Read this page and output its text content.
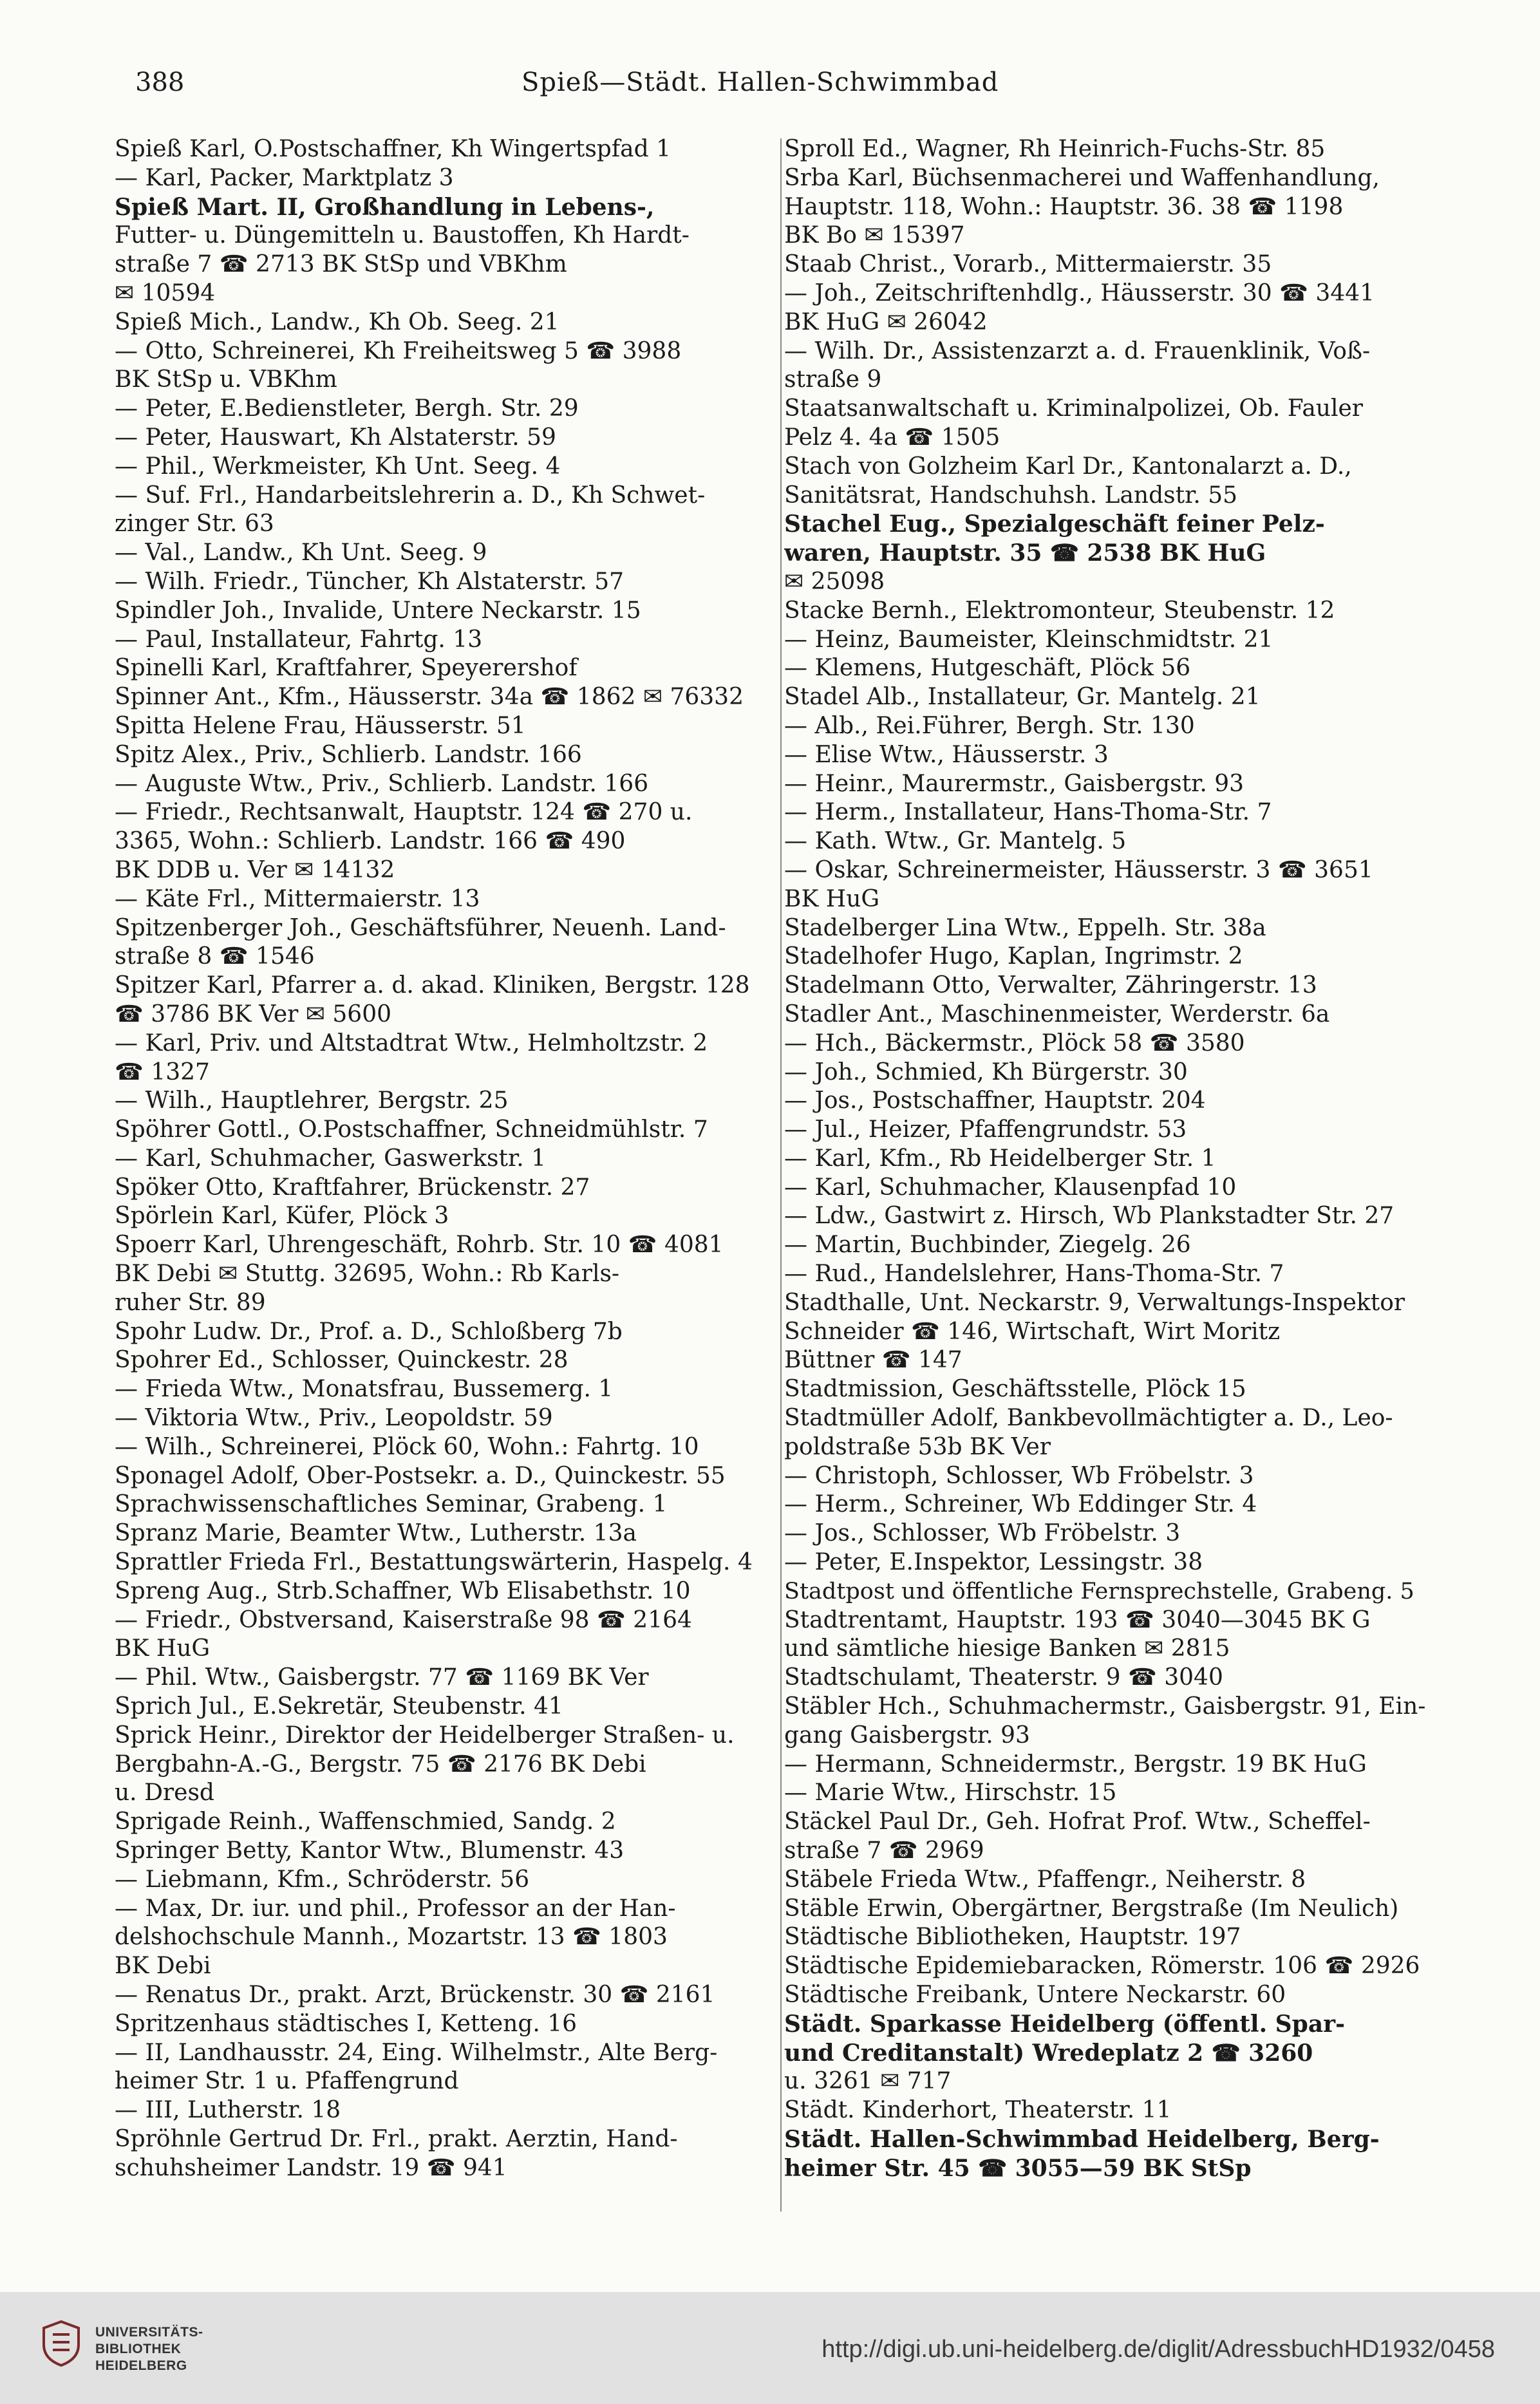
388	Spieß—Städt. Hallen-Schwimmbad
Spieß Karl, O.Postschaffner, Kh Wingertspfad 1
— Karl, Packer, Marktplatz 3
Spieß Mart. II, Großhandlung in Lebens-,
Futter- u. Düngemitteln u. Baustoffen, Kh Hardt-
straße 7 ☎ 2713 BK StSp und VBKhm
✉ 10594
Spieß Mich., Landw., Kh Ob. Seeg. 21
— Otto, Schreinerei, Kh Freiheitsweg 5 ☎ 3988
BK StSp u. VBKhm
— Peter, E.Bedienstleter, Bergh. Str. 29
— Peter, Hauswart, Kh Alstaterstr. 59
— Phil., Werkmeister, Kh Unt. Seeg. 4
— Suf. Frl., Handarbeitslehrerin a. D., Kh Schwet-
zinger Str. 63
— Val., Landw., Kh Unt. Seeg. 9
— Wilh. Friedr., Tüncher, Kh Alstaterstr. 57
Spindler Joh., Invalide, Untere Neckarstr. 15
— Paul, Installateur, Fahrtg. 13
Spinelli Karl, Kraftfahrer, Speyerershof
Spinner Ant., Kfm., Häusserstr. 34a ☎ 1862 ✉ 76332
Spitta Helene Frau, Häusserstr. 51
Spitz Alex., Priv., Schlierb. Landstr. 166
— Auguste Wtw., Priv., Schlierb. Landstr. 166
— Friedr., Rechtsanwalt, Hauptstr. 124 ☎ 270 u.
3365, Wohn.: Schlierb. Landstr. 166 ☎ 490
BK DDB u. Ver ✉ 14132
— Käte Frl., Mittermaierstr. 13
Spitzenberger Joh., Geschäftsführer, Neuenh. Land-
straße 8 ☎ 1546
Spitzer Karl, Pfarrer a. d. akad. Kliniken, Bergstr. 128
☎ 3786 BK Ver ✉ 5600
— Karl, Priv. und Altstadtrat Wtw., Helmholtzstr. 2
☎ 1327
— Wilh., Hauptlehrer, Bergstr. 25
Spöhrer Gottl., O.Postschaffner, Schneidmühlstr. 7
— Karl, Schuhmacher, Gaswerkstr. 1
Spöker Otto, Kraftfahrer, Brückenstr. 27
Spörlein Karl, Küfer, Plöck 3
Spoerr Karl, Uhrengeschäft, Rohrb. Str. 10 ☎ 4081
BK Debi ✉ Stuttg. 32695, Wohn.: Rb Karls-
ruher Str. 89
Spohr Ludw. Dr., Prof. a. D., Schloßberg 7b
Spohrer Ed., Schlosser, Quinckestr. 28
— Frieda Wtw., Monatsfrau, Bussemerg. 1
— Viktoria Wtw., Priv., Leopoldstr. 59
— Wilh., Schreinerei, Plöck 60, Wohn.: Fahrtg. 10
Sponagel Adolf, Ober-Postsekr. a. D., Quinckestr. 55
Sprachwissenschaftliches Seminar, Grabeng. 1
Spranz Marie, Beamter Wtw., Lutherstr. 13a
Sprattler Frieda Frl., Bestattungswärterin, Haspelg. 4
Spreng Aug., Strb.Schaffner, Wb Elisabethstr. 10
— Friedr., Obstversand, Kaiserstraße 98 ☎ 2164
BK HuG
— Phil. Wtw., Gaisbergstr. 77 ☎ 1169 BK Ver
Sprich Jul., E.Sekretär, Steubenstr. 41
Sprick Heinr., Direktor der Heidelberger Straßen- u.
Bergbahn-A.-G., Bergstr. 75 ☎ 2176 BK Debi
u. Dresd
Sprigade Reinh., Waffenschmied, Sandg. 2
Springer Betty, Kantor Wtw., Blumenstr. 43
— Liebmann, Kfm., Schröderstr. 56
— Max, Dr. iur. und phil., Professor an der Han-
delshochschule Mannh., Mozartstr. 13 ☎ 1803
BK Debi
— Renatus Dr., prakt. Arzt, Brückenstr. 30 ☎ 2161
Spritzenhaus städtisches I, Ketteng. 16
— II, Landhausstr. 24, Eing. Wilhelmstr., Alte Berg-
heimer Str. 1 u. Pfaffengrund
— III, Lutherstr. 18
Spröhnle Gertrud Dr. Frl., prakt. Aerztin, Hand-
schuhsheimer Landstr. 19 ☎ 941
Sproll Ed., Wagner, Rh Heinrich-Fuchs-Str. 85
Srba Karl, Büchsenmacherei und Waffenhandlung,
Hauptstr. 118, Wohn.: Hauptstr. 36. 38 ☎ 1198
BK Bo ✉ 15397
Staab Christ., Vorarb., Mittermaierstr. 35
— Joh., Zeitschriftenhdlg., Häusserstr. 30 ☎ 3441
BK HuG ✉ 26042
— Wilh. Dr., Assistenzarzt a. d. Frauenklinik, Voß-
straße 9
Staatsanwaltschaft u. Kriminalpolizei, Ob. Fauler
Pelz 4. 4a ☎ 1505
Stach von Golzheim Karl Dr., Kantonalarzt a. D.,
Sanitätsrat, Handschuhsh. Landstr. 55
Stachel Eug., Spezialgeschäft feiner Pelz-
waren, Hauptstr. 35 ☎ 2538 BK HuG
✉ 25098
Stacke Bernh., Elektromonteur, Steubenstr. 12
— Heinz, Baumeister, Kleinschmidtstr. 21
— Klemens, Hutgeschäft, Plöck 56
Stadel Alb., Installateur, Gr. Mantelg. 21
— Alb., Rei.Führer, Bergh. Str. 130
— Elise Wtw., Häusserstr. 3
— Heinr., Maurermstr., Gaisbergstr. 93
— Herm., Installateur, Hans-Thoma-Str. 7
— Kath. Wtw., Gr. Mantelg. 5
— Oskar, Schreinermeister, Häusserstr. 3 ☎ 3651
BK HuG
Stadelberger Lina Wtw., Eppelh. Str. 38a
Stadelhofer Hugo, Kaplan, Ingrimstr. 2
Stadelmann Otto, Verwalter, Zähringerstr. 13
Stadler Ant., Maschinenmeister, Werderstr. 6a
— Hch., Bäckermstr., Plöck 58 ☎ 3580
— Joh., Schmied, Kh Bürgerstr. 30
— Jos., Postschaffner, Hauptstr. 204
— Jul., Heizer, Pfaffengrundstr. 53
— Karl, Kfm., Rb Heidelberger Str. 1
— Karl, Schuhmacher, Klausenpfad 10
— Ldw., Gastwirt z. Hirsch, Wb Plankstadter Str. 27
— Martin, Buchbinder, Ziegelg. 26
— Rud., Handelslehrer, Hans-Thoma-Str. 7
Stadthalle, Unt. Neckarstr. 9, Verwaltungs-Inspektor
Schneider ☎ 146, Wirtschaft, Wirt Moritz
Büttner ☎ 147
Stadtmission, Geschäftsstelle, Plöck 15
Stadtmüller Adolf, Bankbevollmächtigter a. D., Leo-
poldstraße 53b BK Ver
— Christoph, Schlosser, Wb Fröbelstr. 3
— Herm., Schreiner, Wb Eddinger Str. 4
— Jos., Schlosser, Wb Fröbelstr. 3
— Peter, E.Inspektor, Lessingstr. 38
Stadtpost und öffentliche Fernsprechstelle, Grabeng. 5
Stadtrentamt, Hauptstr. 193 ☎ 3040—3045 BK G
und sämtliche hiesige Banken ✉ 2815
Stadtschulamt, Theaterstr. 9 ☎ 3040
Stäbler Hch., Schuhmachermstr., Gaisbergstr. 91, Ein-
gang Gaisbergstr. 93
— Hermann, Schneidermstr., Bergstr. 19 BK HuG
— Marie Wtw., Hirschstr. 15
Stäckel Paul Dr., Geh. Hofrat Prof. Wtw., Scheffel-
straße 7 ☎ 2969
Stäbele Frieda Wtw., Pfaffengr., Neiherstr. 8
Stäble Erwin, Obergärtner, Bergstraße (Im Neulich)
Städtische Bibliotheken, Hauptstr. 197
Städtische Epidemiebaracken, Römerstr. 106 ☎ 2926
Städtische Freibank, Untere Neckarstr. 60
Städt. Sparkasse Heidelberg (öffentl. Spar-
und Creditanstalt) Wredeplatz 2 ☎ 3260
u. 3261 ✉ 717
Städt. Kinderhort, Theaterstr. 11
Städt. Hallen-Schwimmbad Heidelberg, Berg-
heimer Str. 45 ☎ 3055—59 BK StSp
UNIVERSITÄTS-
BIBLIOTHEK
HEIDELBERG
http://digi.ub.uni-heidelberg.de/diglit/AdressbuchHD1932/0458
